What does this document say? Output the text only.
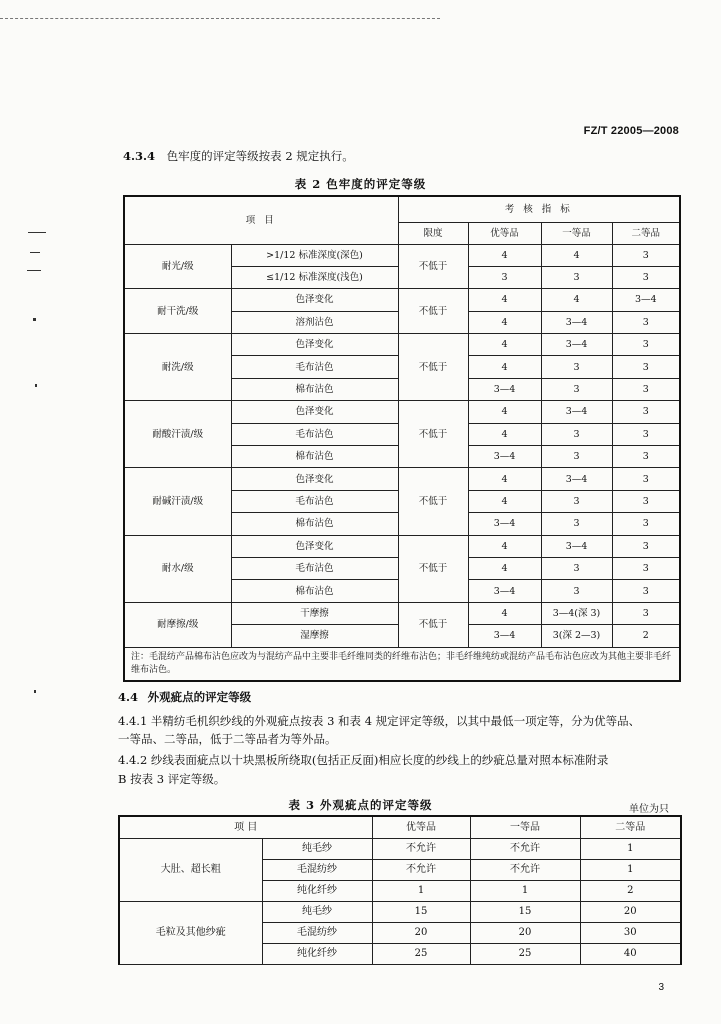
FZ/T 22005—2008
4.3.4 色牢度的评定等级按表 2 规定执行。
表 2 色牢度的评定等级
项 目		考 核 指 标			
		限度	优等品	一等品	二等品
耐光/级	>1/12 标准深度(深色)	不低于	4	4	3
	≤1/12 标准深度(浅色)		3	3	3
耐干洗/级	色泽变化	不低于	4	4	3—4
	溶剂沾色		4	3—4	3
耐洗/级	色泽变化	不低于	4	3—4	3
	毛布沾色		4	3	3
	棉布沾色		3—4	3	3
耐酸汗渍/级	色泽变化	不低于	4	3—4	3
	毛布沾色		4	3	3
	棉布沾色		3—4	3	3
耐碱汗渍/级	色泽变化	不低于	4	3—4	3
	毛布沾色		4	3	3
	棉布沾色		3—4	3	3
耐水/级	色泽变化	不低于	4	3—4	3
	毛布沾色		4	3	3
	棉布沾色		3—4	3	3
耐摩擦/级	干摩擦	不低于	4	3—4(深 3)	3
	湿摩擦		3—4	3(深 2—3)	2
注：毛混纺产品棉布沾色应改为与混纺产品中主要非毛纤维同类的纤维布沾色；非毛纤维纯纺或混纺产品毛布沾色应改为其他主要非毛纤维布沾色。					
4.4 外观疵点的评定等级
4.4.1 半精纺毛机织纱线的外观疵点按表 3 和表 4 规定评定等级，以其中最低一项定等，分为优等品、
一等品、二等品，低于二等品者为等外品。
4.4.2 纱线表面疵点以十块黑板所绕取(包括正反面)相应长度的纱线上的纱疵总量对照本标准附录
B 按表 3 评定等级。
表 3 外观疵点的评定等级	单位为只
项 目		优等品	一等品	二等品
大肚、超长粗	纯毛纱	不允许	不允许	1
	毛混纺纱	不允许	不允许	1
	纯化纤纱	1	1	2
毛粒及其他纱疵	纯毛纱	15	15	20
	毛混纺纱	20	20	30
	纯化纤纱	25	25	40
3
